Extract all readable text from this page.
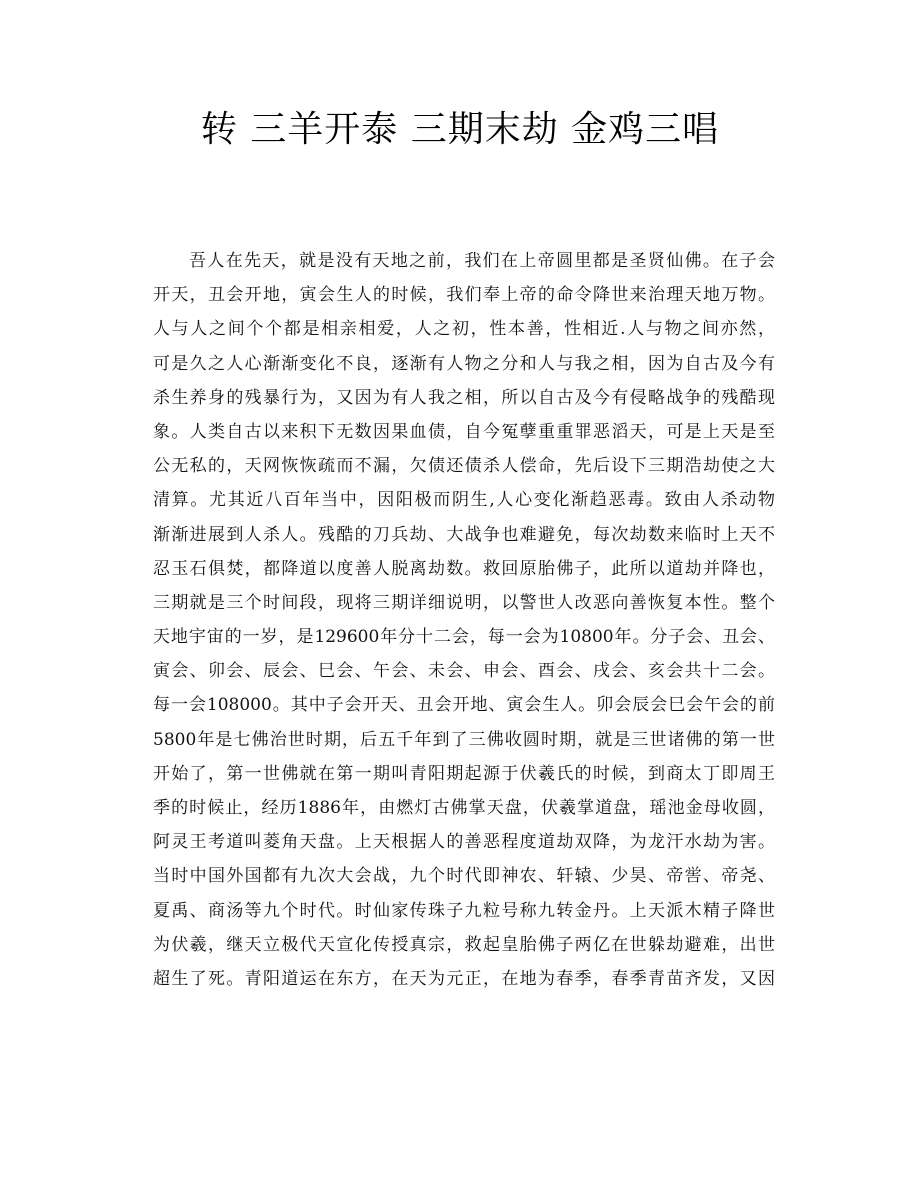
转 三羊开泰 三期末劫 金鸡三唱
吾人在先天，就是没有天地之前，我们在上帝圆里都是圣贤仙佛。在子会
开天，丑会开地，寅会生人的时候，我们奉上帝的命令降世来治理天地万物。
人与人之间个个都是相亲相爱，人之初，性本善，性相近.人与物之间亦然，
可是久之人心渐渐变化不良，逐渐有人物之分和人与我之相，因为自古及今有
杀生养身的残暴行为，又因为有人我之相，所以自古及今有侵略战争的残酷现
象。人类自古以来积下无数因果血债，自今冤孽重重罪恶滔天，可是上天是至
公无私的，天网恢恢疏而不漏，欠债还债杀人偿命，先后设下三期浩劫使之大
清算。尤其近八百年当中，因阳极而阴生,人心变化渐趋恶毒。致由人杀动物
渐渐进展到人杀人。残酷的刀兵劫、大战争也难避免，每次劫数来临时上天不
忍玉石俱焚，都降道以度善人脱离劫数。救回原胎佛子，此所以道劫并降也，
三期就是三个时间段，现将三期详细说明，以警世人改恶向善恢复本性。整个
天地宇宙的一岁，是129600年分十二会，每一会为10800年。分子会、丑会、
寅会、卯会、辰会、巳会、午会、未会、申会、酉会、戌会、亥会共十二会。
每一会108000。其中子会开天、丑会开地、寅会生人。卯会辰会巳会午会的前
5800年是七佛治世时期，后五千年到了三佛收圆时期，就是三世诸佛的第一世
开始了，第一世佛就在第一期叫青阳期起源于伏羲氏的时候，到商太丁即周王
季的时候止，经历1886年，由燃灯古佛掌天盘，伏羲掌道盘，瑶池金母收圆，
阿灵王考道叫菱角天盘。上天根据人的善恶程度道劫双降，为龙汗水劫为害。
当时中国外国都有九次大会战，九个时代即神农、轩辕、少昊、帝喾、帝尧、
夏禹、商汤等九个时代。时仙家传珠子九粒号称九转金丹。上天派木精子降世
为伏羲，继天立极代天宣化传授真宗，救起皇胎佛子两亿在世躲劫避难，出世
超生了死。青阳道运在东方，在天为元正，在地为春季，春季青苗齐发，又因
